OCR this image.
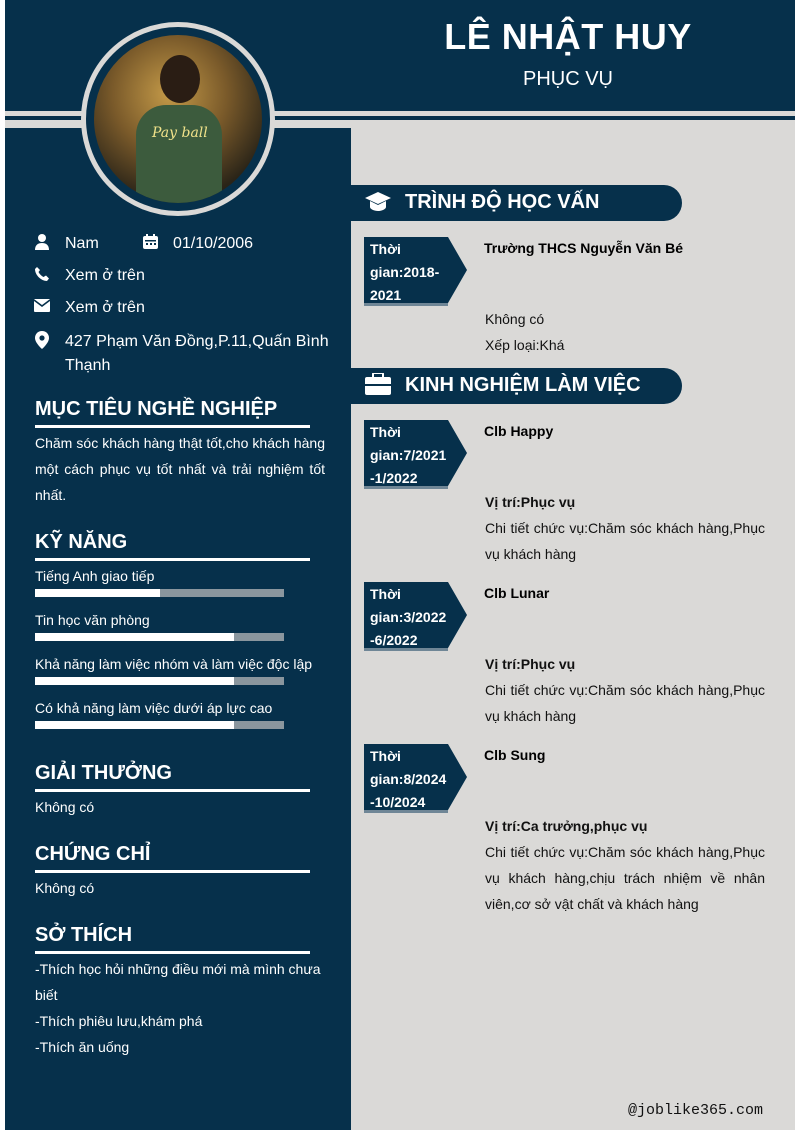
LÊ NHẬT HUY
PHỤC VỤ
Pay ball
Nam	01/10/2006
Xem ở trên
Xem ở trên
427 Phạm Văn Đồng,P.11,Quấn Bình Thạnh
MỤC TIÊU NGHỀ NGHIỆP
Chăm sóc khách hàng thật tốt,cho khách hàng một cách phục vụ tốt nhất và trải nghiệm tốt nhất.
KỸ NĂNG
Tiếng Anh giao tiếp
Tin học văn phòng
Khả năng làm việc nhóm và làm việc độc lập
Có khả năng làm việc dưới áp lực cao
GIẢI THƯỞNG
Không có
CHỨNG CHỈ
Không có
SỞ THÍCH
-Thích học hỏi những điều mới mà mình chưa biết
-Thích phiêu lưu,khám phá
-Thích ăn uống
TRÌNH ĐỘ HỌC VẤN
Thời gian:2018-2021
Trường THCS Nguyễn Văn Bé
Không có
Xếp loại:Khá
KINH NGHIỆM LÀM VIỆC
Thời gian:7/2021 -1/2022
Clb Happy
Vị trí:Phục vụ
Chi tiết chức vụ:Chăm sóc khách hàng,Phục vụ khách hàng
Thời gian:3/2022 -6/2022
Clb Lunar
Vị trí:Phục vụ
Chi tiết chức vụ:Chăm sóc khách hàng,Phục vụ khách hàng
Thời gian:8/2024 -10/2024
Clb Sung
Vị trí:Ca trưởng,phục vụ
Chi tiết chức vụ:Chăm sóc khách hàng,Phục vụ khách hàng,chịu trách nhiệm về nhân viên,cơ sở vật chất và khách hàng
@joblike365.com
